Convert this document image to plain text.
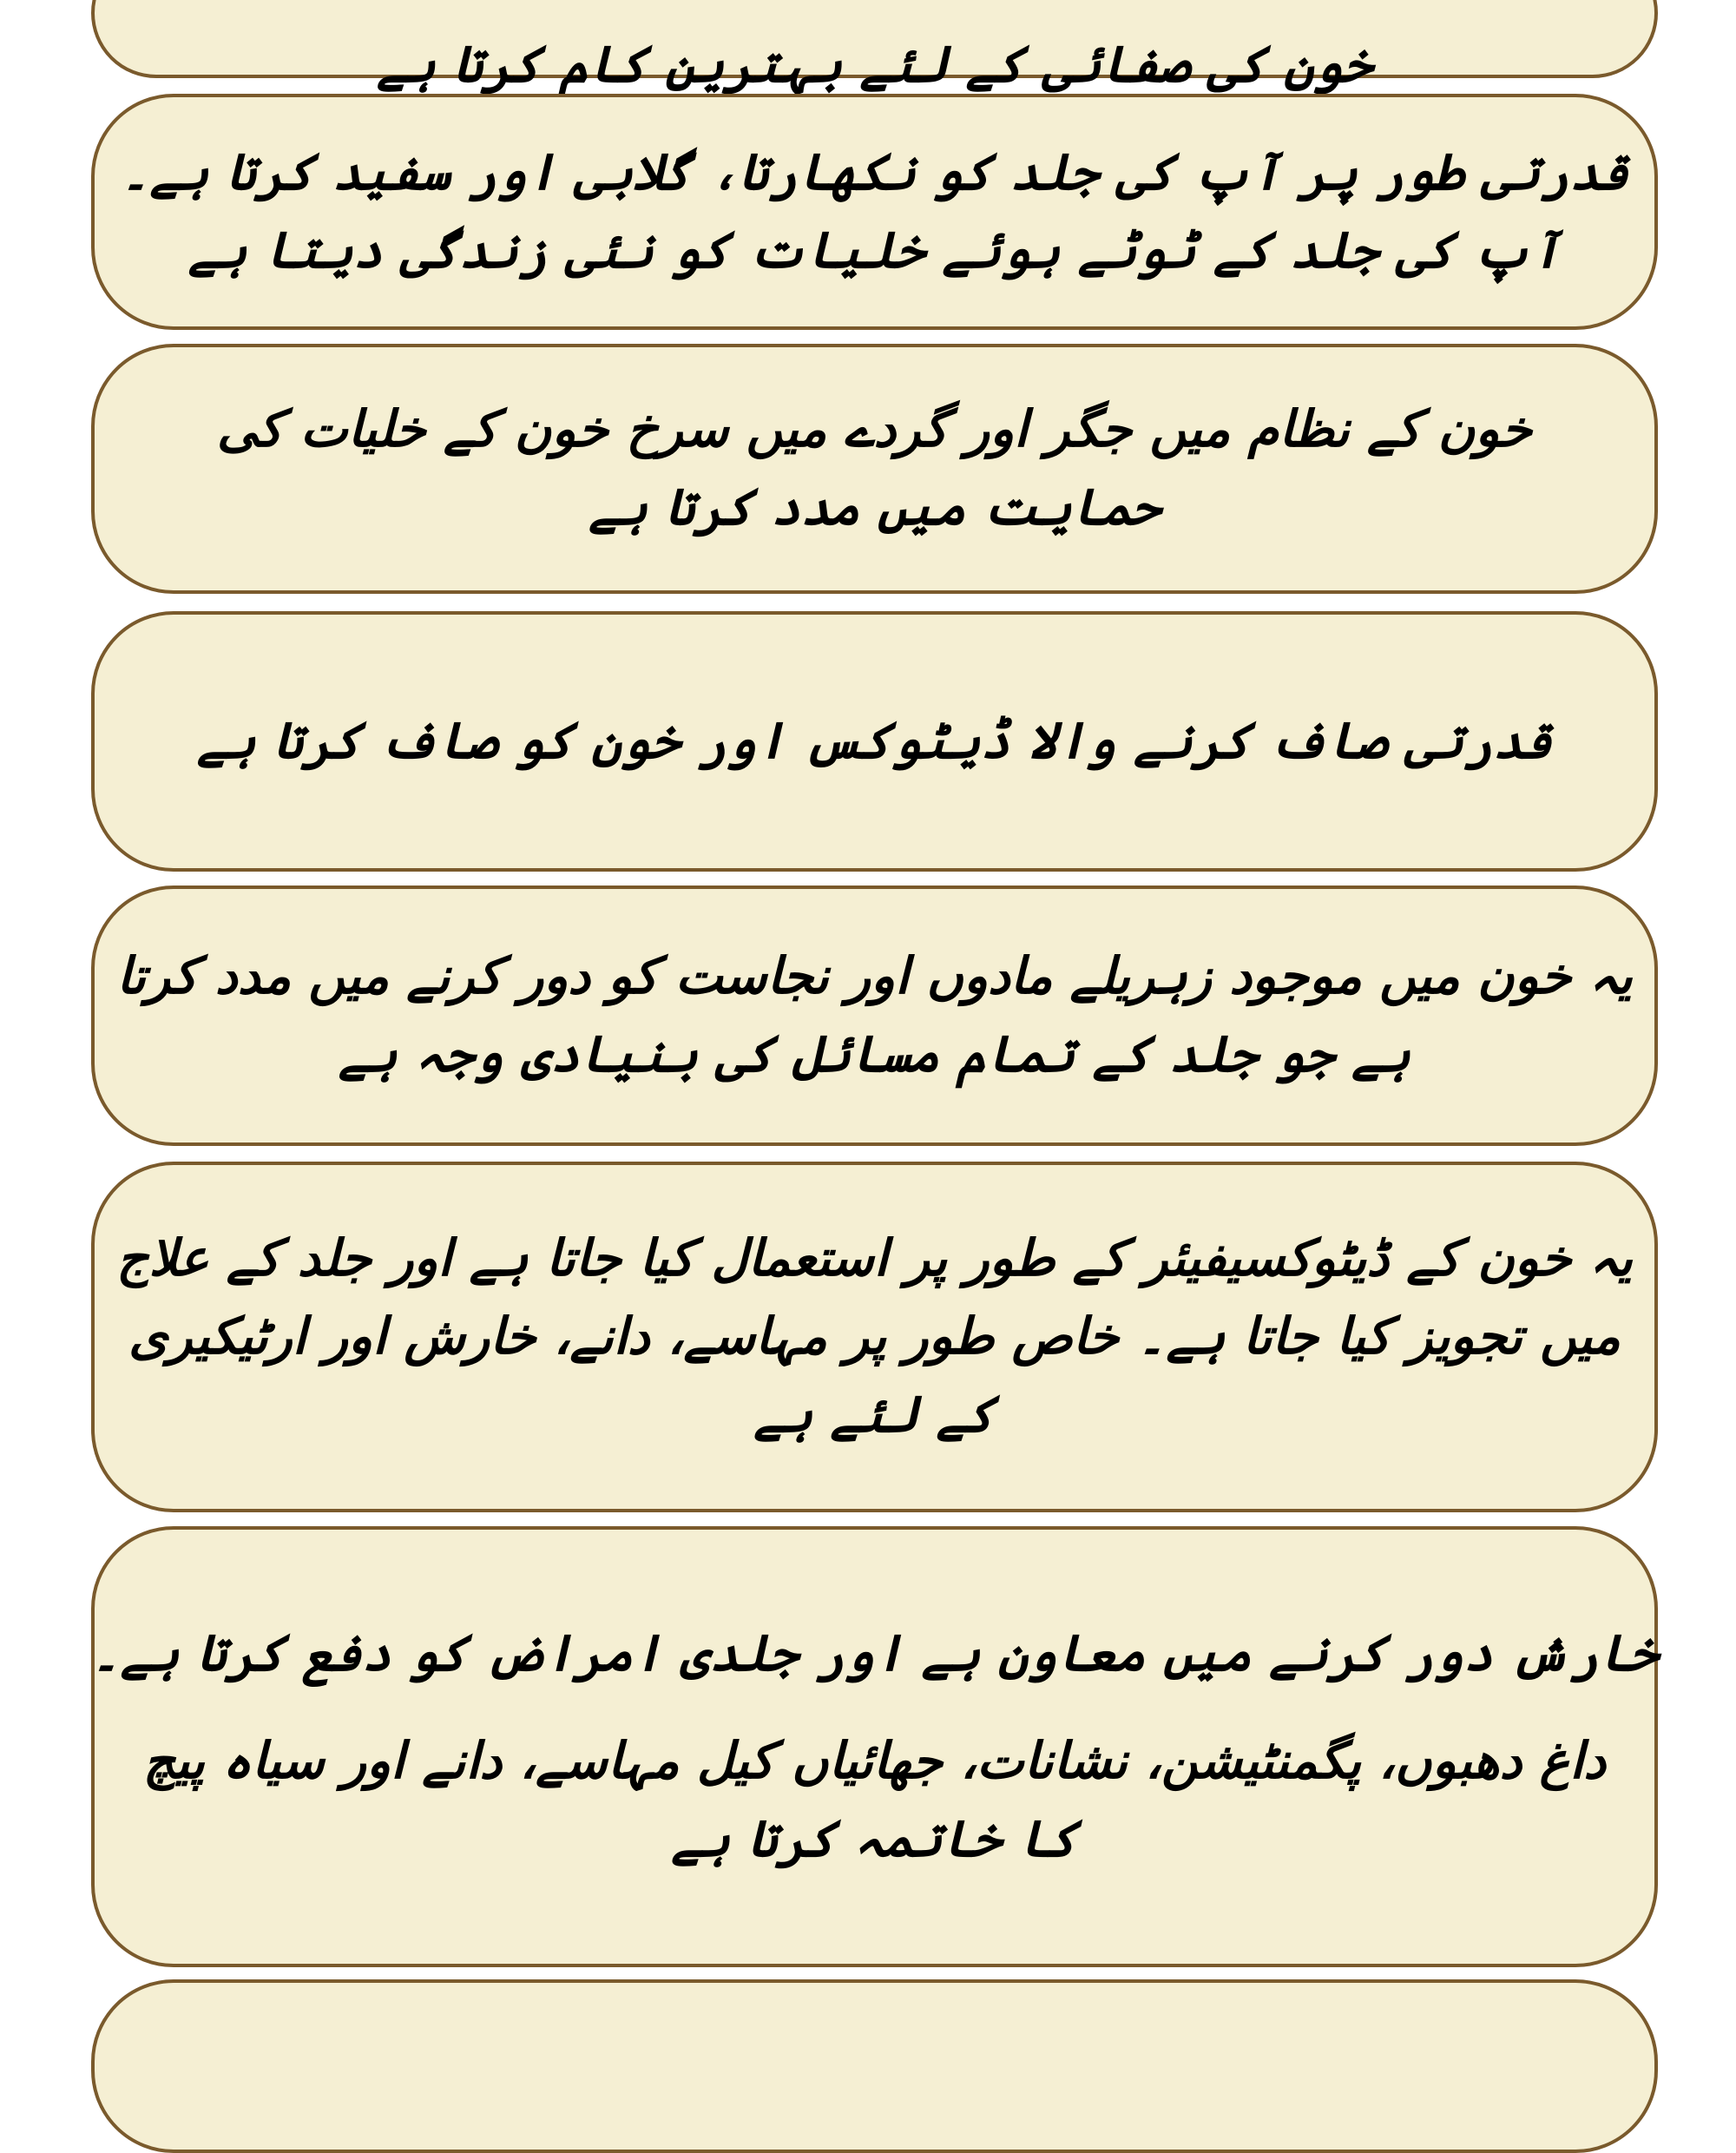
خون کی صفائی کے لئے بہترین کام کرتا ہے
قدرتی طور پر آپ کی جلد کو نکھارتا، گلابی اور سفید کرتا ہے۔
آپ کی جلد کے ٹوٹے ہوئے خلیات کو نئی زندگی دیتا ہے
خون کے نظام میں جگر اور گردے میں سرخ خون کے خلیات کی
حمایت میں مدد کرتا ہے
قدرتی صاف کرنے والا ڈیٹوکس اور خون کو صاف کرتا ہے
یہ خون میں موجود زہریلے مادوں اور نجاست کو دور کرنے میں مدد کرتا
ہے جو جلد کے تمام مسائل کی بنیادی وجہ ہے
یہ خون کے ڈیٹوکسیفیئر کے طور پر استعمال کیا جاتا ہے اور جلد کے علاج
میں تجویز کیا جاتا ہے۔ خاص طور پر مہاسے، دانے، خارش اور ارٹیکیری
کے لئے ہے
خارش دور کرنے میں معاون ہے اور جلدی امراض کو دفع کرتا ہے۔
داغ دھبوں، پگمنٹیشن، نشانات، جھائیاں کیل مہاسے، دانے اور سیاہ پیچ
کا خاتمہ کرتا ہے
